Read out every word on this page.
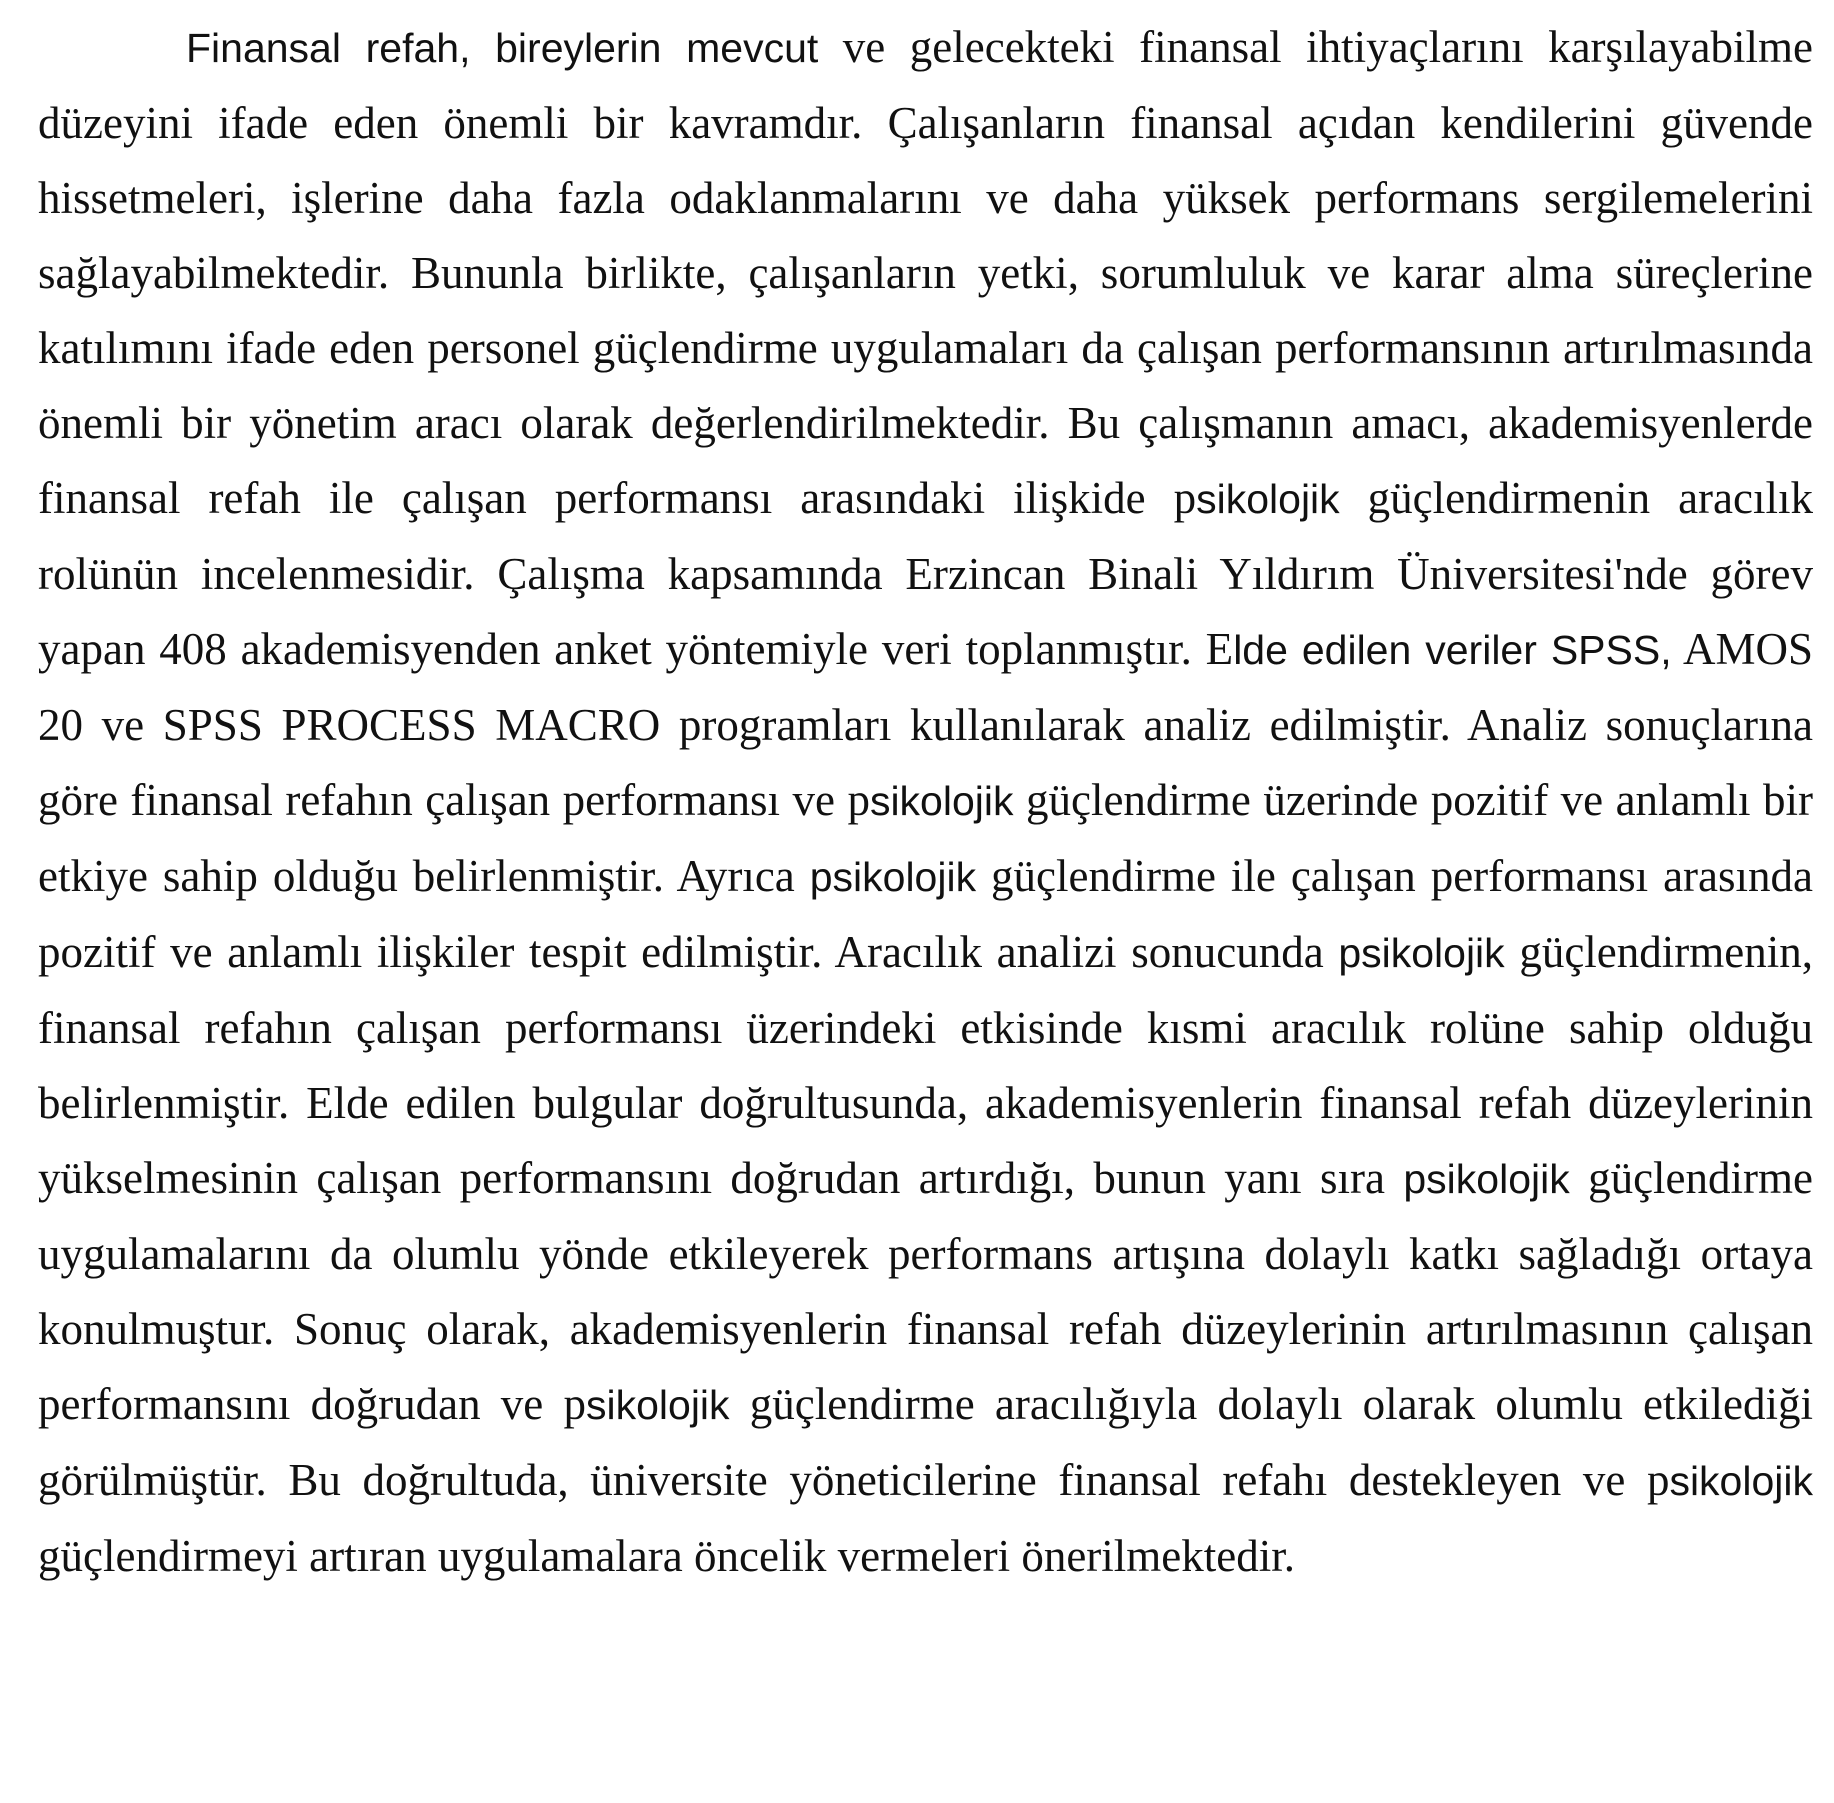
Finansal refah, bireylerin mevcut ve gelecekteki finansal ihtiyaçlarını karşılayabilme düzeyini ifade eden önemli bir kavramdır. Çalışanların finansal açıdan kendilerini güvende hissetmeleri, işlerine daha fazla odaklanmalarını ve daha yüksek performans sergilemelerini sağlayabilmektedir. Bununla birlikte, çalışanların yetki, sorumluluk ve karar alma süreçlerine katılımını ifade eden personel güçlendirme uygulamaları da çalışan performansının artırılmasında önemli bir yönetim aracı olarak değerlendirilmektedir. Bu çalışmanın amacı, akademisyenlerde finansal refah ile çalışan performansı arasındaki ilişkide psikolojik güçlendirmenin aracılık rolünün incelenmesidir. Çalışma kapsamında Erzincan Binali Yıldırım Üniversitesi'nde görev yapan 408 akademisyenden anket yöntemiyle veri toplanmıştır. Elde edilen veriler SPSS, AMOS 20 ve SPSS PROCESS MACRO programları kullanılarak analiz edilmiştir. Analiz sonuçlarına göre finansal refahın çalışan performansı ve psikolojik güçlendirme üzerinde pozitif ve anlamlı bir etkiye sahip olduğu belirlenmiştir. Ayrıca psikolojik güçlendirme ile çalışan performansı arasında pozitif ve anlamlı ilişkiler tespit edilmiştir. Aracılık analizi sonucunda psikolojik güçlendirmenin, finansal refahın çalışan performansı üzerindeki etkisinde kısmi aracılık rolüne sahip olduğu belirlenmiştir. Elde edilen bulgular doğrultusunda, akademisyenlerin finansal refah düzeylerinin yükselmesinin çalışan performansını doğrudan artırdığı, bunun yanı sıra psikolojik güçlendirme uygulamalarını da olumlu yönde etkileyerek performans artışına dolaylı katkı sağladığı ortaya konulmuştur. Sonuç olarak, akademisyenlerin finansal refah düzeylerinin artırılmasının çalışan performansını doğrudan ve psikolojik güçlendirme aracılığıyla dolaylı olarak olumlu etkilediği görülmüştür. Bu doğrultuda, üniversite yöneticilerine finansal refahı destekleyen ve psikolojik güçlendirmeyi artıran uygulamalara öncelik vermeleri önerilmektedir.
